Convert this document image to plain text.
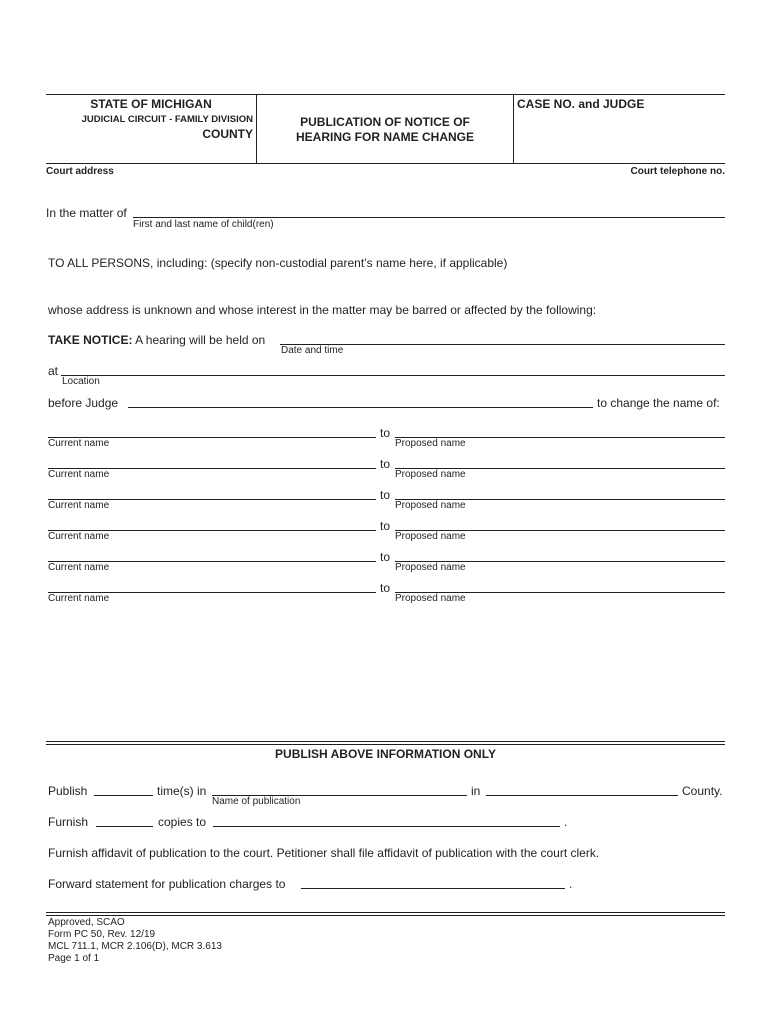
STATE OF MICHIGAN
JUDICIAL CIRCUIT - FAMILY DIVISION
COUNTY
PUBLICATION OF NOTICE OF
HEARING FOR NAME CHANGE
CASE NO. and JUDGE
Court address	Court telephone no.
In the matter of
First and last name of child(ren)
TO ALL PERSONS, including: (specify non-custodial parent’s name here, if applicable)
whose address is unknown and whose interest in the matter may be barred or affected by the following:
TAKE NOTICE: A hearing will be held on
Date and time
at
Location
before Judge	to change the name of:
Current name
to
Proposed name
Current name
to
Proposed name
Current name
to
Proposed name
Current name
to
Proposed name
Current name
to
Proposed name
Current name
to
Proposed name
PUBLISH ABOVE INFORMATION ONLY
Publish	time(s) in
Name of publication
in	County.
Furnish	copies to	.
Furnish affidavit of publication to the court. Petitioner shall file affidavit of publication with the court clerk.
Forward statement for publication charges to	.
Approved, SCAO
Form PC 50, Rev. 12/19
MCL 711.1, MCR 2.106(D), MCR 3.613
Page 1 of 1
